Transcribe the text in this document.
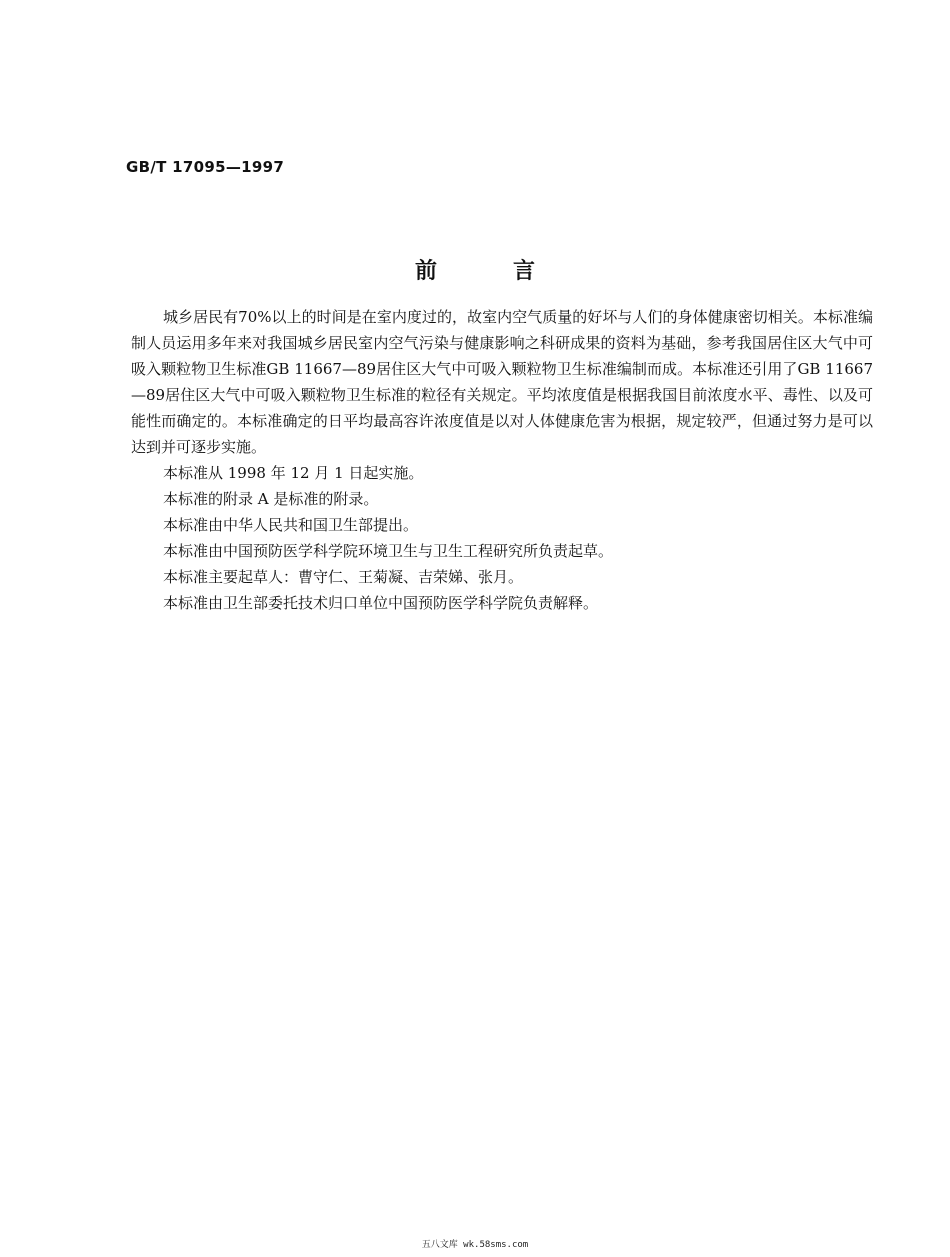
GB/T 17095—1997
前言

城乡居民有70%以上的时间是在室内度过的，故室内空气质量的好坏与人们的身体健康密切相关。本标准编制人员运用多年来对我国城乡居民室内空气污染与健康影响之科研成果的资料为基础，参考我国居住区大气中可吸入颗粒物卫生标准GB 11667—89居住区大气中可吸入颗粒物卫生标准编制而成。本标准还引用了GB 11667—89居住区大气中可吸入颗粒物卫生标准的粒径有关规定。平均浓度值是根据我国目前浓度水平、毒性、以及可能性而确定的。本标准确定的日平均最高容许浓度值是以对人体健康危害为根据，规定较严，但通过努力是可以达到并可逐步实施。

本标准从 1998 年 12 月 1 日起实施。

本标准的附录 A 是标准的附录。

本标准由中华人民共和国卫生部提出。

本标准由中国预防医学科学院环境卫生与卫生工程研究所负责起草。

本标准主要起草人：曹守仁、王菊凝、吉荣娣、张月。

本标准由卫生部委托技术归口单位中国预防医学科学院负责解释。

五八文库 wk.58sms.com
